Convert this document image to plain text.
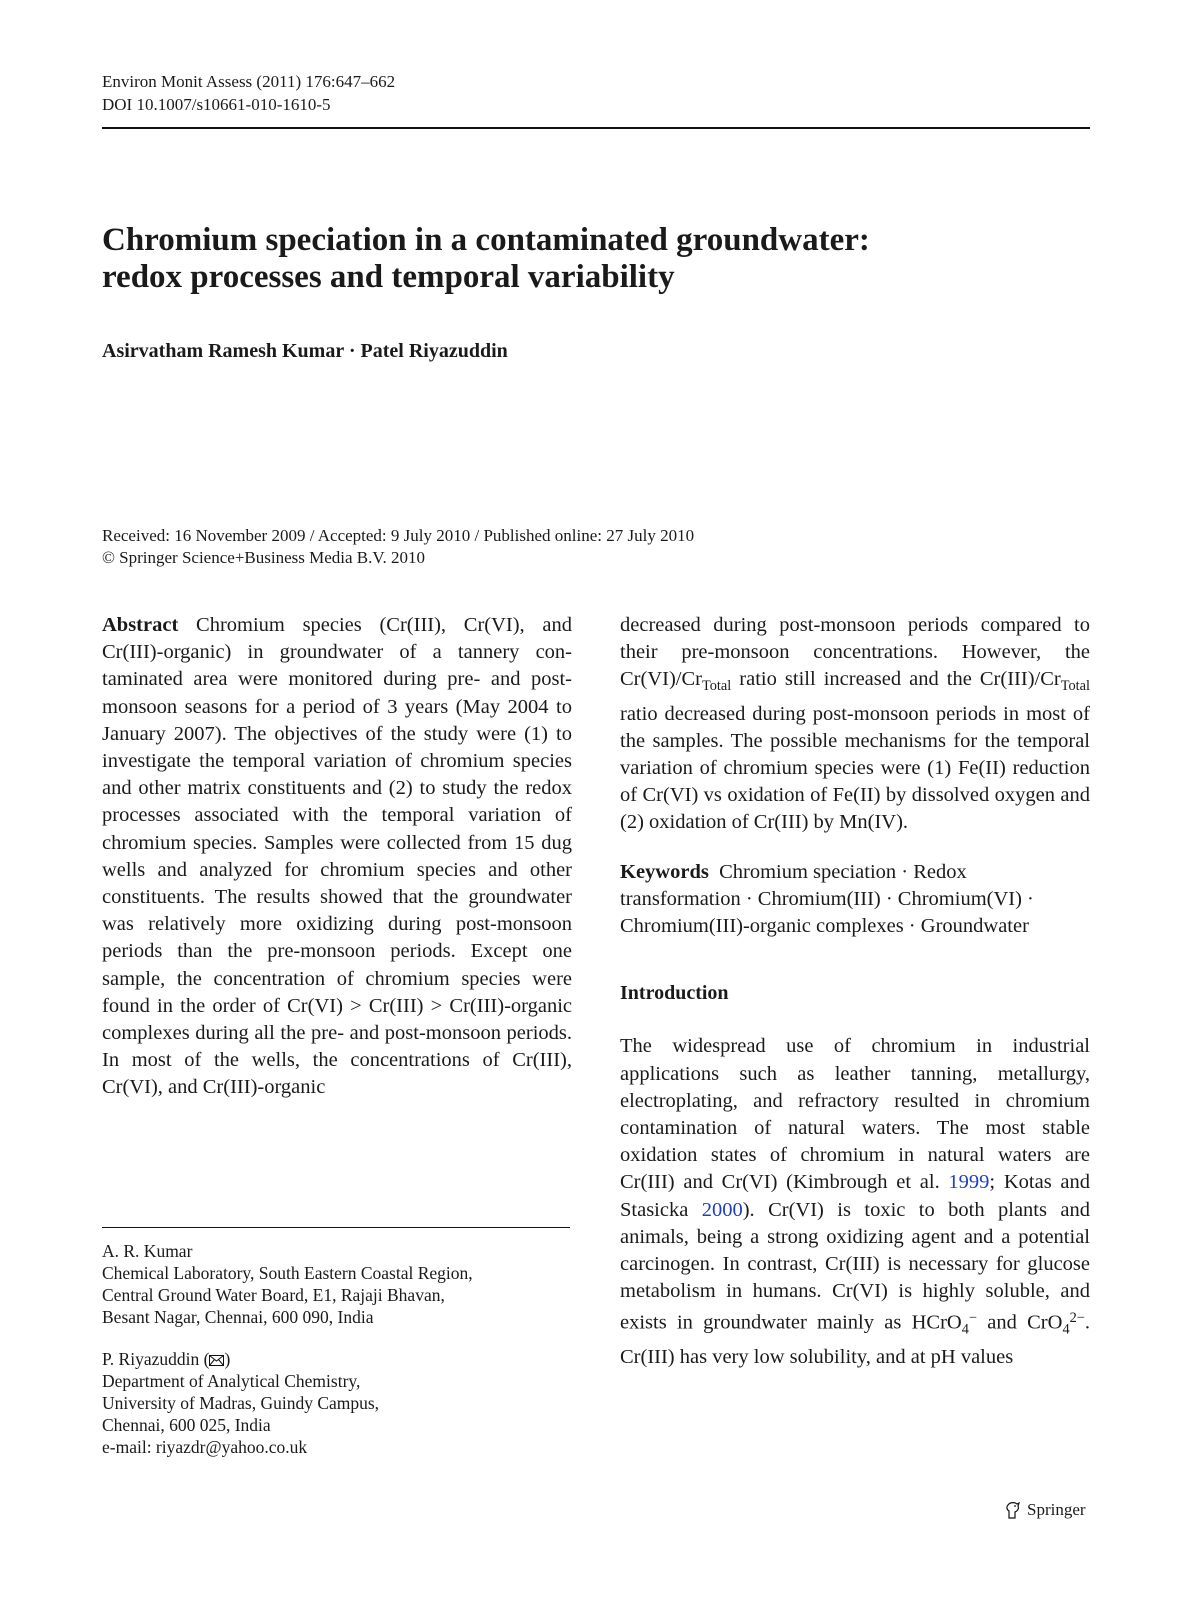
Environ Monit Assess (2011) 176:647–662
DOI 10.1007/s10661-010-1610-5
Chromium speciation in a contaminated groundwater:
redox processes and temporal variability
Asirvatham Ramesh Kumar · Patel Riyazuddin
Received: 16 November 2009 / Accepted: 9 July 2010 / Published online: 27 July 2010
© Springer Science+Business Media B.V. 2010

Abstract Chromium species (Cr(III), Cr(VI), and Cr(III)-organic) in groundwater of a tannery contaminated area were monitored during pre- and post-monsoon seasons for a period of 3 years (May 2004 to January 2007). The objectives of the study were (1) to investigate the temporal variation of chromium species and other matrix constituents and (2) to study the redox processes associated with the temporal variation of chromium species. Samples were collected from 15 dug wells and analyzed for chromium species and other constituents. The results showed that the groundwater was relatively more oxidizing during post-monsoon periods than the pre-monsoon periods. Except one sample, the concentration of chromium species were found in the order of Cr(VI) > Cr(III) > Cr(III)-organic complexes during all the pre- and post-monsoon periods. In most of the wells, the concentrations of Cr(III), Cr(VI), and Cr(III)-organic

decreased during post-monsoon periods compared to their pre-monsoon concentrations. However, the $Cr(VI)/Cr_{Total}$ ratio still increased and the $Cr(III)/Cr_{Total}$ ratio decreased during post-monsoon periods in most of the samples. The possible mechanisms for the temporal variation of chromium species were (1) Fe(II) reduction of Cr(VI) vs oxidation of Fe(II) by dissolved oxygen and (2) oxidation of Cr(III) by Mn(IV).

Keywords Chromium speciation · Redox transformation · Chromium(III) · Chromium(VI) · Chromium(III)-organic complexes · Groundwater

Introduction

The widespread use of chromium in industrial applications such as leather tanning, metallurgy, electroplating, and refractory resulted in chromium contamination of natural waters. The most stable oxidation states of chromium in natural waters are Cr(III) and Cr(VI) (Kimbrough et al. 1999; Kotas and Stasicka 2000). Cr(VI) is toxic to both plants and animals, being a strong oxidizing agent and a potential carcinogen. In contrast, Cr(III) is necessary for glucose metabolism in humans. Cr(VI) is highly soluble, and exists in groundwater mainly as HCrO$_4$− and CrO$_4^{2-}$. Cr(III) has very low solubility, and at pH values

A. R. Kumar
Chemical Laboratory, South Eastern Coastal Region,
Central Ground Water Board, E1, Rajaji Bhavan,
Besant Nagar, Chennai, 600 090, India
P. Riyazuddin ( )
Department of Analytical Chemistry,
University of Madras, Guindy Campus,
Chennai, 600 025, India
e-mail: riyazdr@yahoo.co.uk
Springer
